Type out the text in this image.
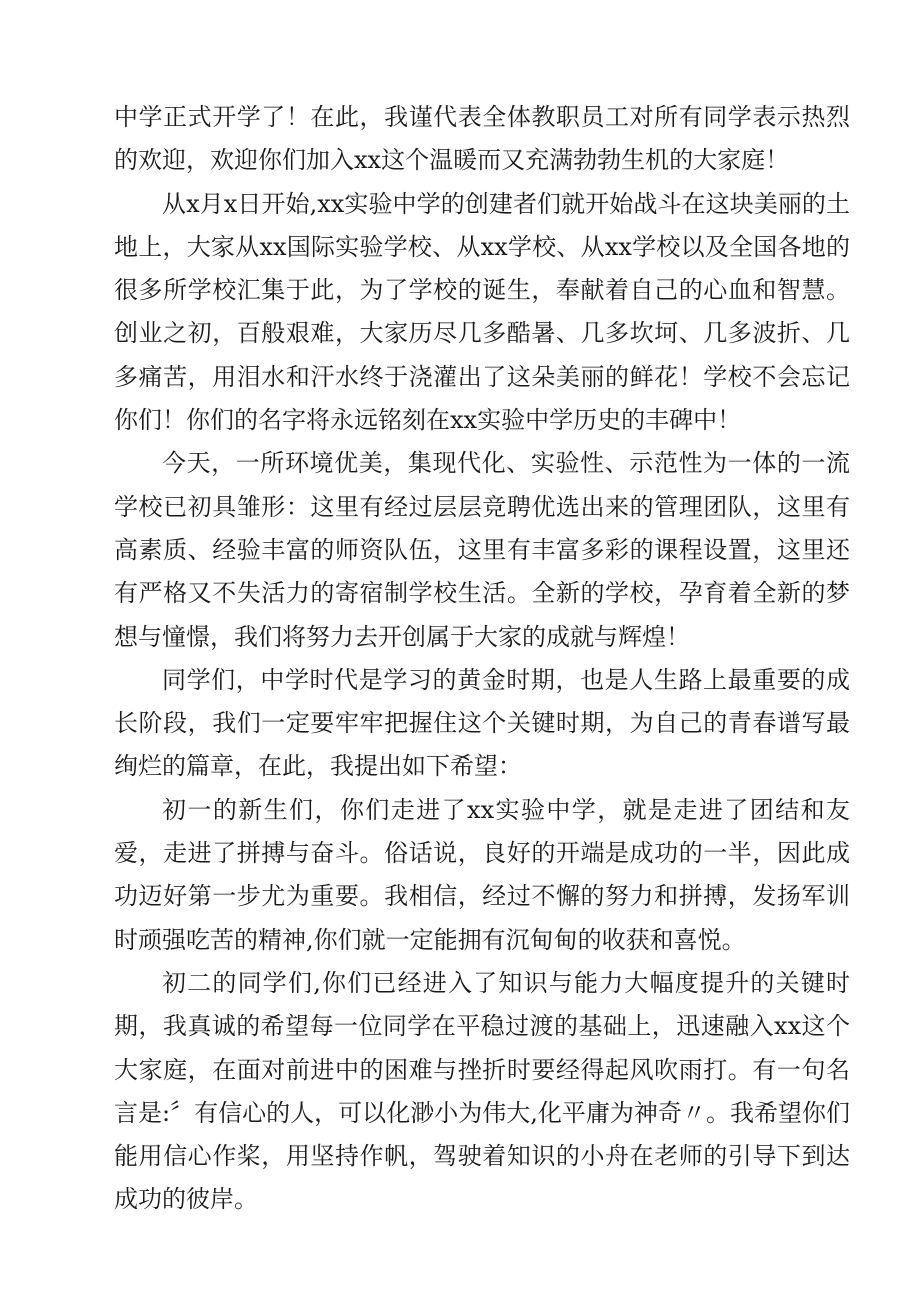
中学正式开学了！在此，我谨代表全体教职员工对所有同学表示热烈的欢迎，欢迎你们加入xx这个温暖而又充满勃勃生机的大家庭！

从x月x日开始,xx实验中学的创建者们就开始战斗在这块美丽的土地上，大家从xx国际实验学校、从xx学校、从xx学校以及全国各地的很多所学校汇集于此，为了学校的诞生，奉献着自己的心血和智慧。创业之初，百般艰难，大家历尽几多酷暑、几多坎坷、几多波折、几多痛苦，用泪水和汗水终于浇灌出了这朵美丽的鲜花！学校不会忘记你们！你们的名字将永远铭刻在xx实验中学历史的丰碑中！

今天，一所环境优美，集现代化、实验性、示范性为一体的一流学校已初具雏形：这里有经过层层竞聘优选出来的管理团队，这里有高素质、经验丰富的师资队伍，这里有丰富多彩的课程设置，这里还有严格又不失活力的寄宿制学校生活。全新的学校，孕育着全新的梦想与憧憬，我们将努力去开创属于大家的成就与辉煌！

同学们，中学时代是学习的黄金时期，也是人生路上最重要的成长阶段，我们一定要牢牢把握住这个关键时期，为自己的青春谱写最绚烂的篇章，在此，我提出如下希望：

初一的新生们，你们走进了xx实验中学，就是走进了团结和友爱，走进了拼搏与奋斗。俗话说，良好的开端是成功的一半，因此成功迈好第一步尤为重要。我相信，经过不懈的努力和拼搏，发扬军训时顽强吃苦的精神,你们就一定能拥有沉甸甸的收获和喜悦。

初二的同学们,你们已经进入了知识与能力大幅度提升的关键时期，我真诚的希望每一位同学在平稳过渡的基础上，迅速融入xx这个大家庭，在面对前进中的困难与挫折时要经得起风吹雨打。有一句名言是:〞有信心的人，可以化渺小为伟大,化平庸为神奇〃。我希望你们能用信心作桨，用坚持作帆，驾驶着知识的小舟在老师的引导下到达成功的彼岸。
